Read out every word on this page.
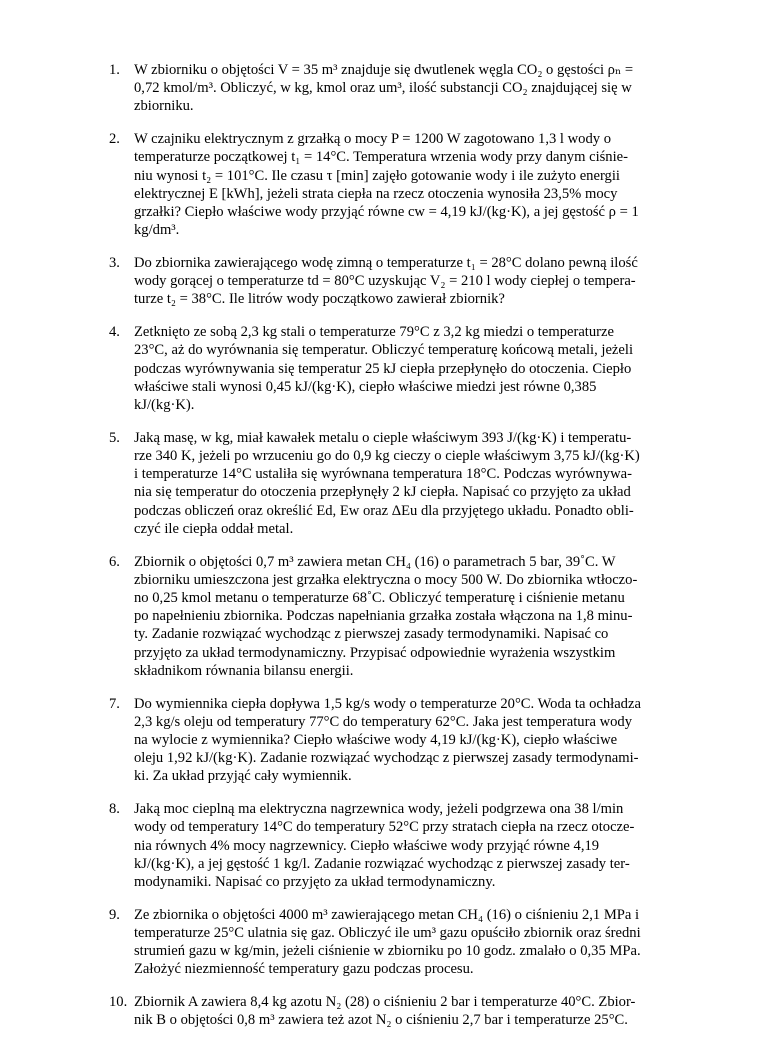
1. W zbiorniku o objętości V = 35 m³ znajduje się dwutlenek węgla CO₂ o gęstości ρₙ =
0,72 kmol/m³. Obliczyć, w kg, kmol oraz um³, ilość substancji CO₂ znajdującej się w
zbiorniku.
2. W czajniku elektrycznym z grzałką o mocy P = 1200 W zagotowano 1,3 l wody o
temperaturze początkowej t₁ = 14°C. Temperatura wrzenia wody przy danym ciśnie-
niu wynosi t₂ = 101°C. Ile czasu τ [min] zajęło gotowanie wody i ile zużyto energii
elektrycznej E [kWh], jeżeli strata ciepła na rzecz otoczenia wynosiła 23,5% mocy
grzałki? Ciepło właściwe wody przyjąć równe cw = 4,19 kJ/(kg·K), a jej gęstość ρ = 1
kg/dm³.
3. Do zbiornika zawierającego wodę zimną o temperaturze t₁ = 28°C dolano pewną ilość
wody gorącej o temperaturze td = 80°C uzyskując V₂ = 210 l wody ciepłej o tempera-
turze t₂ = 38°C. Ile litrów wody początkowo zawierał zbiornik?
4. Zetknięto ze sobą 2,3 kg stali o temperaturze 79°C z 3,2 kg miedzi o temperaturze
23°C, aż do wyrównania się temperatur. Obliczyć temperaturę końcową metali, jeżeli
podczas wyrównywania się temperatur 25 kJ ciepła przepłynęło do otoczenia. Ciepło
właściwe stali wynosi 0,45 kJ/(kg·K), ciepło właściwe miedzi jest równe 0,385
kJ/(kg·K).
5. Jaką masę, w kg, miał kawałek metalu o cieple właściwym 393 J/(kg·K) i temperatu-
rze 340 K, jeżeli po wrzuceniu go do 0,9 kg cieczy o cieple właściwym 3,75 kJ/(kg·K)
i temperaturze 14°C ustaliła się wyrównana temperatura 18°C. Podczas wyrównywa-
nia się temperatur do otoczenia przepłynęły 2 kJ ciepła. Napisać co przyjęto za układ
podczas obliczeń oraz określić Ed, Ew oraz ΔEu dla przyjętego układu. Ponadto obli-
czyć ile ciepła oddał metal.
6. Zbiornik o objętości 0,7 m³ zawiera metan CH₄ (16) o parametrach 5 bar, 39˚C. W
zbiorniku umieszczona jest grzałka elektryczna o mocy 500 W. Do zbiornika wtłoczo-
no 0,25 kmol metanu o temperaturze 68˚C. Obliczyć temperaturę i ciśnienie metanu
po napełnieniu zbiornika. Podczas napełniania grzałka została włączona na 1,8 minu-
ty. Zadanie rozwiązać wychodząc z pierwszej zasady termodynamiki. Napisać co
przyjęto za układ termodynamiczny. Przypisać odpowiednie wyrażenia wszystkim
składnikom równania bilansu energii.
7. Do wymiennika ciepła dopływa 1,5 kg/s wody o temperaturze 20°C. Woda ta ochładza
2,3 kg/s oleju od temperatury 77°C do temperatury 62°C. Jaka jest temperatura wody
na wylocie z wymiennika? Ciepło właściwe wody 4,19 kJ/(kg·K), ciepło właściwe
oleju 1,92 kJ/(kg·K). Zadanie rozwiązać wychodząc z pierwszej zasady termodynami-
ki. Za układ przyjąć cały wymiennik.
8. Jaką moc cieplną ma elektryczna nagrzewnica wody, jeżeli podgrzewa ona 38 l/min
wody od temperatury 14°C do temperatury 52°C przy stratach ciepła na rzecz otocze-
nia równych 4% mocy nagrzewnicy. Ciepło właściwe wody przyjąć równe 4,19
kJ/(kg·K), a jej gęstość 1 kg/l. Zadanie rozwiązać wychodząc z pierwszej zasady ter-
modynamiki. Napisać co przyjęto za układ termodynamiczny.
9. Ze zbiornika o objętości 4000 m³ zawierającego metan CH₄ (16) o ciśnieniu 2,1 MPa i
temperaturze 25°C ulatnia się gaz. Obliczyć ile um³ gazu opuściło zbiornik oraz średni
strumień gazu w kg/min, jeżeli ciśnienie w zbiorniku po 10 godz. zmalało o 0,35 MPa.
Założyć niezmienność temperatury gazu podczas procesu.
10. Zbiornik A zawiera 8,4 kg azotu N₂ (28) o ciśnieniu 2 bar i temperaturze 40°C. Zbior-
nik B o objętości 0,8 m³ zawiera też azot N₂ o ciśnieniu 2,7 bar i temperaturze 25°C.
